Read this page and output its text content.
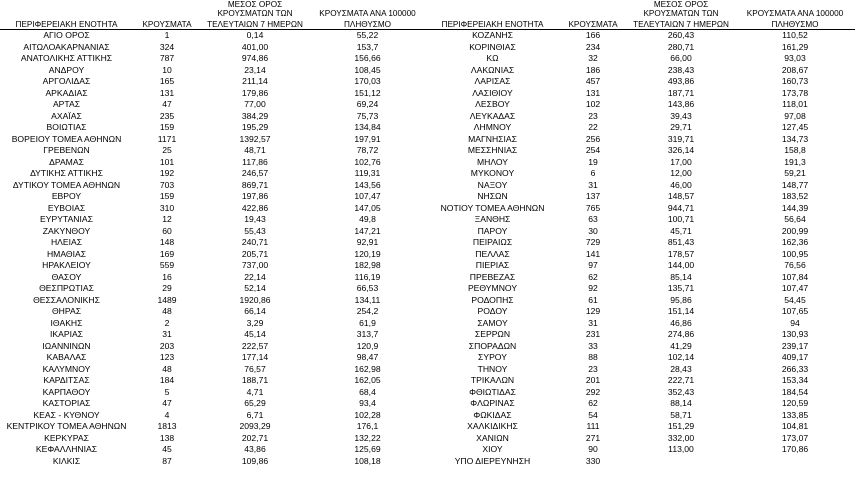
		ΜΕΣΟΣ ΟΡΟΣ				ΜΕΣΟΣ ΟΡΟΣ	
		ΚΡΟΥΣΜΑΤΩΝ ΤΩΝ	ΚΡΟΥΣΜΑΤΑ ΑΝΑ 100000			ΚΡΟΥΣΜΑΤΩΝ ΤΩΝ	ΚΡΟΥΣΜΑΤΑ ΑΝΑ 100000
ΠΕΡΙΦΕΡΕΙΑΚΗ ΕΝΟΤΗΤΑ	ΚΡΟΥΣΜΑΤΑ	ΤΕΛΕΥΤΑΙΩΝ 7 ΗΜΕΡΩΝ	ΠΛΗΘΥΣΜΟ	ΠΕΡΙΦΕΡΕΙΑΚΗ ΕΝΟΤΗΤΑ	ΚΡΟΥΣΜΑΤΑ	ΤΕΛΕΥΤΑΙΩΝ 7 ΗΜΕΡΩΝ	ΠΛΗΘΥΣΜΟ
ΑΓΙΟ ΟΡΟΣ	1	0,14	55,22	ΚΟΖΑΝΗΣ	166	260,43	110,52
ΑΙΤΩΛΟΑΚΑΡΝΑΝΙΑΣ	324	401,00	153,7	ΚΟΡΙΝΘΙΑΣ	234	280,71	161,29
ΑΝΑΤΟΛΙΚΗΣ ΑΤΤΙΚΗΣ	787	974,86	156,66	ΚΩ	32	66,00	93,03
ΑΝΔΡΟΥ	10	23,14	108,45	ΛΑΚΩΝΙΑΣ	186	238,43	208,67
ΑΡΓΟΛΙΔΑΣ	165	211,14	170,03	ΛΑΡΙΣΑΣ	457	493,86	160,73
ΑΡΚΑΔΙΑΣ	131	179,86	151,12	ΛΑΣΙΘΙΟΥ	131	187,71	173,78
ΑΡΤΑΣ	47	77,00	69,24	ΛΕΣΒΟΥ	102	143,86	118,01
ΑΧΑΪΑΣ	235	384,29	75,73	ΛΕΥΚΑΔΑΣ	23	39,43	97,08
ΒΟΙΩΤΙΑΣ	159	195,29	134,84	ΛΗΜΝΟΥ	22	29,71	127,45
ΒΟΡΕΙΟΥ ΤΟΜΕΑ ΑΘΗΝΩΝ	1171	1392,57	197,91	ΜΑΓΝΗΣΙΑΣ	256	319,71	134,73
ΓΡΕΒΕΝΩΝ	25	48,71	78,72	ΜΕΣΣΗΝΙΑΣ	254	326,14	158,8
ΔΡΑΜΑΣ	101	117,86	102,76	ΜΗΛΟΥ	19	17,00	191,3
ΔΥΤΙΚΗΣ ΑΤΤΙΚΗΣ	192	246,57	119,31	ΜΥΚΟΝΟΥ	6	12,00	59,21
ΔΥΤΙΚΟΥ ΤΟΜΕΑ ΑΘΗΝΩΝ	703	869,71	143,56	ΝΑΞΟΥ	31	46,00	148,77
ΕΒΡΟΥ	159	197,86	107,47	ΝΗΣΩΝ	137	148,57	183,52
ΕΥΒΟΙΑΣ	310	422,86	147,05	ΝΟΤΙΟΥ ΤΟΜΕΑ ΑΘΗΝΩΝ	765	944,71	144,39
ΕΥΡΥΤΑΝΙΑΣ	12	19,43	49,8	ΞΑΝΘΗΣ	63	100,71	56,64
ΖΑΚΥΝΘΟΥ	60	55,43	147,21	ΠΑΡΟΥ	30	45,71	200,99
ΗΛΕΙΑΣ	148	240,71	92,91	ΠΕΙΡΑΙΩΣ	729	851,43	162,36
ΗΜΑΘΙΑΣ	169	205,71	120,19	ΠΕΛΛΑΣ	141	178,57	100,95
ΗΡΑΚΛΕΙΟΥ	559	737,00	182,98	ΠΙΕΡΙΑΣ	97	144,00	76,56
ΘΑΣΟΥ	16	22,14	116,19	ΠΡΕΒΕΖΑΣ	62	85,14	107,84
ΘΕΣΠΡΩΤΙΑΣ	29	52,14	66,53	ΡΕΘΥΜΝΟΥ	92	135,71	107,47
ΘΕΣΣΑΛΟΝΙΚΗΣ	1489	1920,86	134,11	ΡΟΔΟΠΗΣ	61	95,86	54,45
ΘΗΡΑΣ	48	66,14	254,2	ΡΟΔΟΥ	129	151,14	107,65
ΙΘΑΚΗΣ	2	3,29	61,9	ΣΑΜΟΥ	31	46,86	94
ΙΚΑΡΙΑΣ	31	45,14	313,7	ΣΕΡΡΩΝ	231	274,86	130,93
ΙΩΑΝΝΙΝΩΝ	203	222,57	120,9	ΣΠΟΡΑΔΩΝ	33	41,29	239,17
ΚΑΒΑΛΑΣ	123	177,14	98,47	ΣΥΡΟΥ	88	102,14	409,17
ΚΑΛΥΜΝΟΥ	48	76,57	162,98	ΤΗΝΟΥ	23	28,43	266,33
ΚΑΡΔΙΤΣΑΣ	184	188,71	162,05	ΤΡΙΚΑΛΩΝ	201	222,71	153,34
ΚΑΡΠΑΘΟΥ	5	4,71	68,4	ΦΘΙΩΤΙΔΑΣ	292	352,43	184,54
ΚΑΣΤΟΡΙΑΣ	47	65,29	93,4	ΦΛΩΡΙΝΑΣ	62	88,14	120,59
ΚΕΑΣ - ΚΥΘΝΟΥ	4	6,71	102,28	ΦΩΚΙΔΑΣ	54	58,71	133,85
ΚΕΝΤΡΙΚΟΥ ΤΟΜΕΑ ΑΘΗΝΩΝ	1813	2093,29	176,1	ΧΑΛΚΙΔΙΚΗΣ	111	151,29	104,81
ΚΕΡΚΥΡΑΣ	138	202,71	132,22	ΧΑΝΙΩΝ	271	332,00	173,07
ΚΕΦΑΛΛΗΝΙΑΣ	45	43,86	125,69	ΧΙΟΥ	90	113,00	170,86
ΚΙΛΚΙΣ	87	109,86	108,18	ΥΠΟ ΔΙΕΡΕΥΝΗΣΗ	330		
